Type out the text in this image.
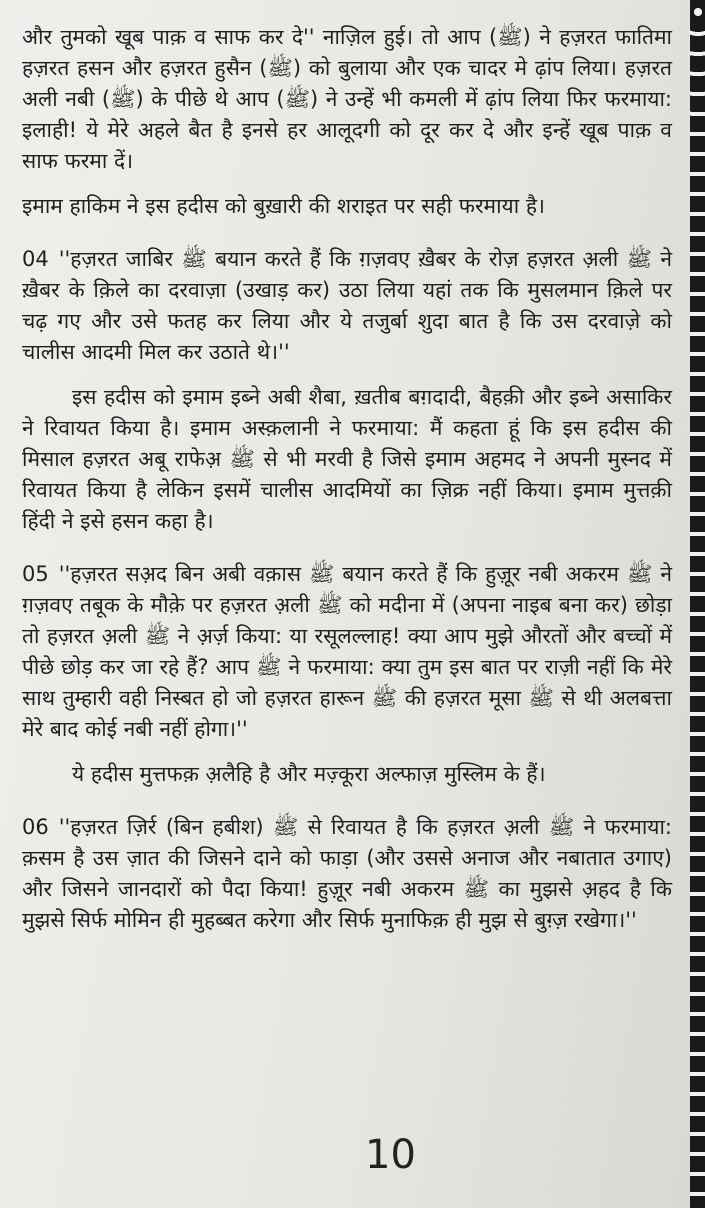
और तुमको खूब पाक़ व साफ कर दे'' नाज़िल हुई। तो आप (ﷺ) ने हज़रत फातिमा हज़रत हसन और हज़रत हुसैन (ﷺ) को बुलाया और एक चादर मे ढ़ांप लिया। हज़रत अली नबी (ﷺ) के पीछे थे आप (ﷺ) ने उन्हें भी कमली में ढ़ांप लिया फिर फरमाया: इलाही! ये मेरे अहले बैत है इनसे हर आलूदगी को दूर कर दे और इन्हें खूब पाक़ व साफ फरमा दें।

इमाम हाकिम ने इस हदीस को बुख़ारी की शराइत पर सही फरमाया है।

04 ''हज़रत जाबिर ﷺ बयान करते हैं कि ग़ज़वए ख़ैबर के रोज़ हज़रत अ़ली ﷺ ने ख़ैबर के क़िले का दरवाज़ा (उखाड़ कर) उठा लिया यहां तक कि मुसलमान क़िले पर चढ़ गए और उसे फतह कर लिया और ये तजुर्बा शुदा बात है कि उस दरवाज़े को चालीस आदमी मिल कर उठाते थे।''

इस हदीस को इमाम इब्ने अबी शैबा, ख़तीब बग़दादी, बैहक़ी और इब्ने असाकिर ने रिवायत किया है। इमाम अस्क़लानी ने फरमाया: मैं कहता हूं कि इस हदीस की मिसाल हज़रत अबू राफेअ़ ﷺ से भी मरवी है जिसे इमाम अहमद ने अपनी मुस्नद में रिवायत किया है लेकिन इसमें चालीस आदमियों का ज़िक्र नहीं किया। इमाम मुत्तक़ी हिंदी ने इसे हसन कहा है।

05 ''हज़रत सअ़द बिन अबी वक़ास ﷺ बयान करते हैं कि हुज़ूर नबी अकरम ﷺ ने ग़ज़वए तबूक के मौक़े पर हज़रत अ़ली ﷺ को मदीना में (अपना नाइब बना कर) छोड़ा तो हज़रत अ़ली ﷺ ने अ़र्ज़ किया: या रसूलल्लाह! क्या आप मुझे औरतों और बच्चों में पीछे छोड़ कर जा रहे हैं? आप ﷺ ने फरमाया: क्या तुम इस बात पर राज़ी नहीं कि मेरे साथ तुम्हारी वही निस्बत हो जो हज़रत हारून ﷺ की हज़रत मूसा ﷺ से थी अलबत्ता मेरे बाद कोई नबी नहीं होगा।''

ये हदीस मुत्तफक़ अ़लैहि है और मज़्कूरा अल्फाज़ मुस्लिम के हैं।

06 ''हज़रत ज़िर्र (बिन हबीश) ﷺ से रिवायत है कि हज़रत अ़ली ﷺ ने फरमाया: क़सम है उस ज़ात की जिसने दाने को फाड़ा (और उससे अनाज और नबातात उगाए) और जिसने जानदारों को पैदा किया! हुज़ूर नबी अकरम ﷺ का मुझसे अ़हद है कि मुझसे सिर्फ मोमिन ही मुहब्बत करेगा और सिर्फ मुनाफिक़ ही मुझ से बुग़्ज़ रखेगा।''

10
